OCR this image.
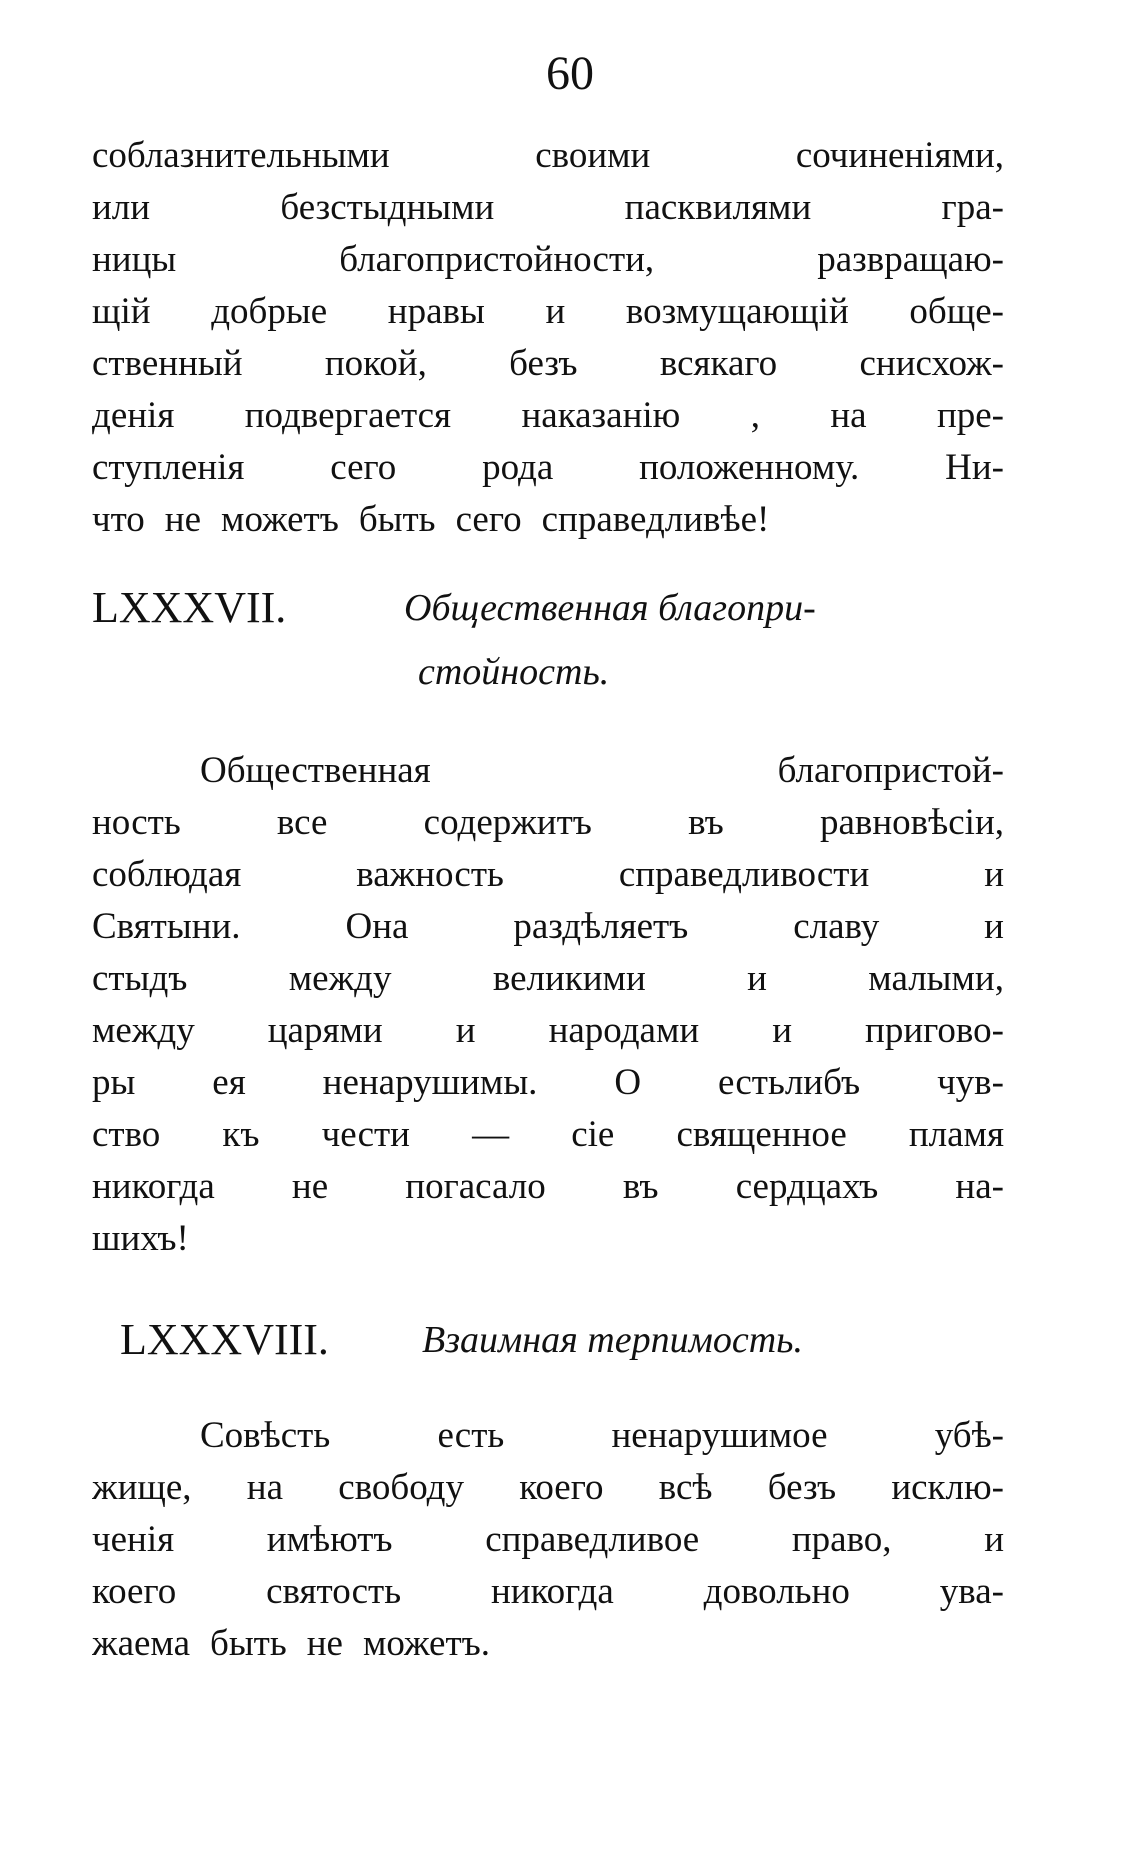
60
соблазнительными	своими	сочиненіями,
или	безстыдными	пасквилями	гра-
ницы	благопристойности,	развращаю-
щій добрые нравы и возмущающій обще-
ственный покой, безъ всякаго снисхож-
денія подвергается наказанію , на пре-
ступленія сего рода положенному. Ни-
что не можетъ быть сего справедливѣе!
LXXXVII.	Общественная благопри-
стойность.
Общественная	благопристой-
ность	все	содержитъ	въ	равновѣсіи,
соблюдая	важность	справедливости	и
Святыни.	Она	раздѣляетъ	славу	и
стыдъ	между	великими	и	малыми,
между царями и народами и пригово-
ры ея ненарушимы. О естьлибъ чув-
ство къ чести — сіе священное пламя
никогда не погасало въ сердцахъ на-
шихъ!
LXXXVIII. Взаимная терпимость.
Совѣсть	есть	ненарушимое	убѣ-
жище, на свободу коего всѣ безъ исклю-
ченія	имѣютъ	справедливое	право,	и
коего святость никогда довольно ува-
жаема быть не можетъ.
